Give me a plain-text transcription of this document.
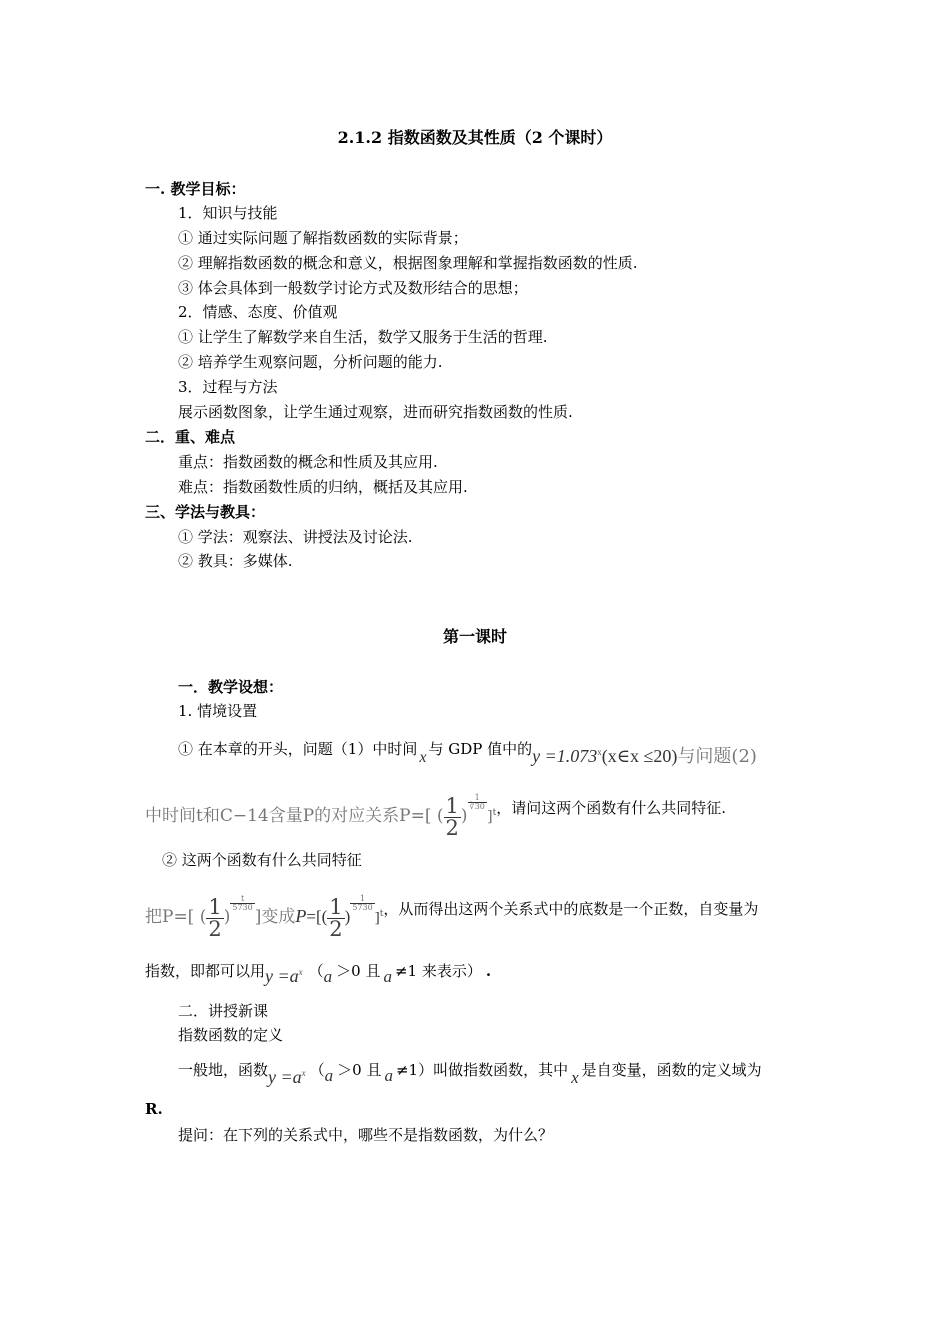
2.1.2 指数函数及其性质（2 个课时）
一. 教学目标：
1．知识与技能
① 通过实际问题了解指数函数的实际背景；
② 理解指数函数的概念和意义，根据图象理解和掌握指数函数的性质.
③ 体会具体到一般数学讨论方式及数形结合的思想；
2．情感、态度、价值观
① 让学生了解数学来自生活，数学又服务于生活的哲理.
② 培养学生观察问题，分析问题的能力.
3．过程与方法
展示函数图象，让学生通过观察，进而研究指数函数的性质.
二．重、难点
重点：指数函数的概念和性质及其应用.
难点：指数函数性质的归纳，概括及其应用.
三、学法与教具：
① 学法：观察法、讲授法及讨论法.
② 教具：多媒体.
第一课时
一．教学设想：
1. 情境设置
① 在本章的开头，问题（1）中时间 x 与 GDP 值中的$y =1.073^x(x\in x \le 20)$与问题(2)
中时间t和C−14含量P的对应关系P=[ ( $\frac{1}{2}$ )
$\frac{1}{∛30}$
]$^t$，请问这两个函数有什么共同特征.
② 这两个函数有什么共同特征
把P=[ ( $\frac{1}{2}$ )
$\frac{t}{5730}$
]变成$P=[( \frac{1}{2}$ )
$\frac{1}{5730}$
]$^t$，从而得出这两个关系式中的底数是一个正数，自变量为
指数，即都可以用$y =a^x$ （a ＞0 且 a ≠1 来表示） .
二．讲授新课
指数函数的定义
一般地，函数$y =a^x$ （a ＞0 且 a ≠1）叫做指数函数，其中 x 是自变量，函数的定义域为
R.
提问：在下列的关系式中，哪些不是指数函数，为什么？
